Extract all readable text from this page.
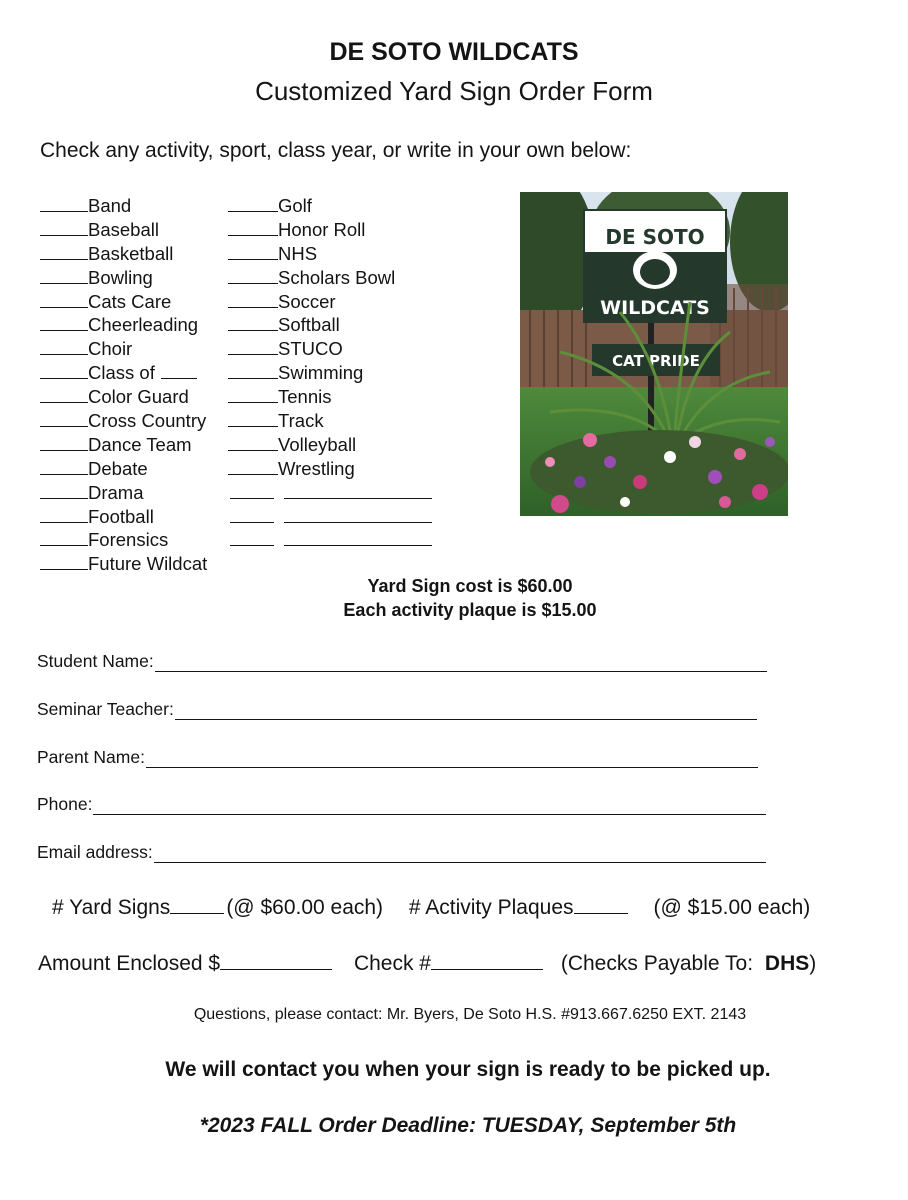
DE SOTO WILDCATS
Customized Yard Sign Order Form
Check any activity, sport, class year, or write in your own below:
Band
Baseball
Basketball
Bowling
Cats Care
Cheerleading
Choir
Class of
Color Guard
Cross Country
Dance Team
Debate
Drama
Football
Forensics
Future Wildcat
Golf
Honor Roll
NHS
Scholars Bowl
Soccer
Softball
STUCO
Swimming
Tennis
Track
Volleyball
Wrestling
DE SOTO
WILDCATS
CAT PRIDE
Yard Sign cost is $60.00
Each activity plaque is $15.00
Student Name:
Seminar Teacher:
Parent Name:
Phone:
Email address:
# Yard Signs	(@ $60.00 each) # Activity Plaques	(@ $15.00 each)
Amount Enclosed $	Check #	(Checks Payable To: DHS)
Questions, please contact: Mr. Byers, De Soto H.S. #913.667.6250 EXT. 2143
We will contact you when your sign is ready to be picked up.
*2023 FALL Order Deadline: TUESDAY, September 5th
